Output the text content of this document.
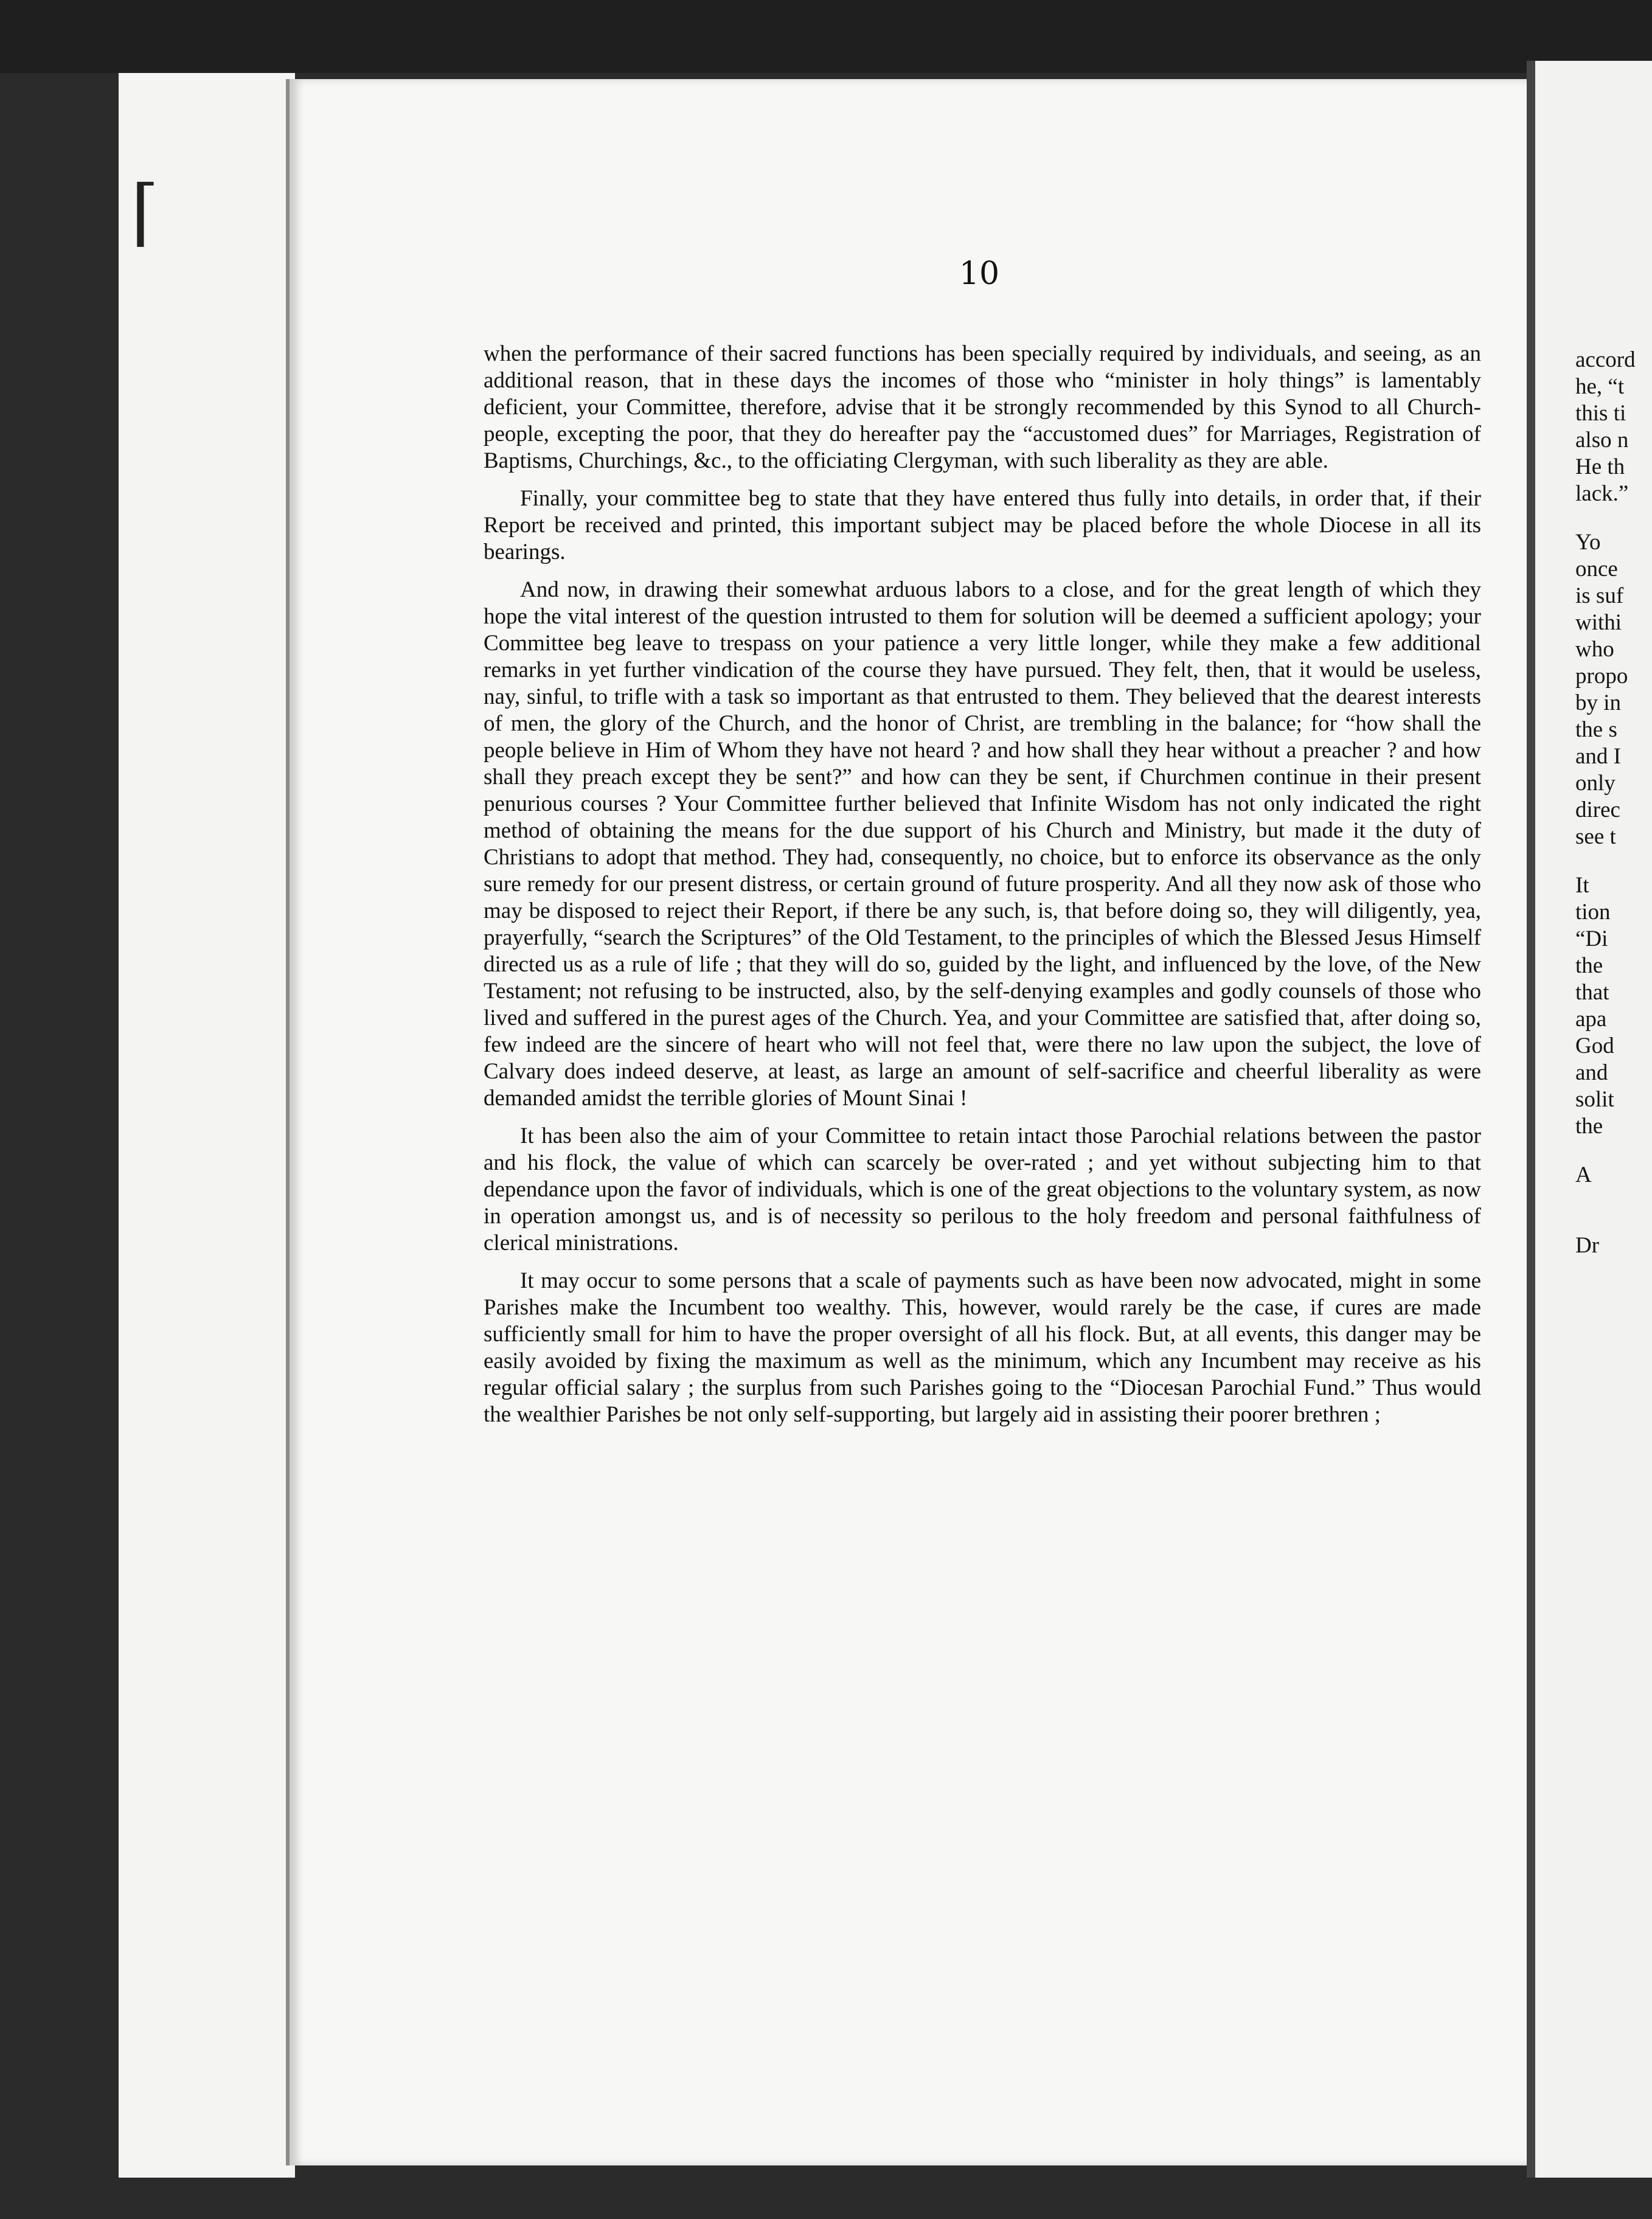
⌈
10

when the performance of their sacred functions has been specially required by individuals, and seeing, as an additional reason, that in these days the incomes of those who “minister in holy things” is lamentably deficient, your Committee, therefore, advise that it be strongly recommended by this Synod to all Church-people, excepting the poor, that they do hereafter pay the “accustomed dues” for Marriages, Registration of Baptisms, Churchings, &c., to the officiating Clergyman, with such liberality as they are able.

Finally, your committee beg to state that they have entered thus fully into details, in order that, if their Report be received and printed, this important subject may be placed before the whole Diocese in all its bearings.

And now, in drawing their somewhat arduous labors to a close, and for the great length of which they hope the vital interest of the question intrusted to them for solution will be deemed a sufficient apology; your Committee beg leave to trespass on your patience a very little longer, while they make a few additional remarks in yet further vindication of the course they have pursued. They felt, then, that it would be useless, nay, sinful, to trifle with a task so important as that entrusted to them. They believed that the dearest interests of men, the glory of the Church, and the honor of Christ, are trembling in the balance; for “how shall the people believe in Him of Whom they have not heard ? and how shall they hear without a preacher ? and how shall they preach except they be sent?” and how can they be sent, if Churchmen continue in their present penurious courses ? Your Committee further believed that Infinite Wisdom has not only indicated the right method of obtaining the means for the due support of his Church and Ministry, but made it the duty of Christians to adopt that method. They had, consequently, no choice, but to enforce its observance as the only sure remedy for our present distress, or certain ground of future prosperity. And all they now ask of those who may be disposed to reject their Report, if there be any such, is, that before doing so, they will diligently, yea, prayerfully, “search the Scriptures” of the Old Testament, to the principles of which the Blessed Jesus Himself directed us as a rule of life ; that they will do so, guided by the light, and influenced by the love, of the New Testament; not refusing to be instructed, also, by the self-denying examples and godly counsels of those who lived and suffered in the purest ages of the Church. Yea, and your Committee are satisfied that, after doing so, few indeed are the sincere of heart who will not feel that, were there no law upon the subject, the love of Calvary does indeed deserve, at least, as large an amount of self-sacrifice and cheerful liberality as were demanded amidst the terrible glories of Mount Sinai !

It has been also the aim of your Committee to retain intact those Parochial relations between the pastor and his flock, the value of which can scarcely be over-rated ; and yet without subjecting him to that dependance upon the favor of individuals, which is one of the great objections to the voluntary system, as now in operation amongst us, and is of necessity so perilous to the holy freedom and personal faithfulness of clerical ministrations.

It may occur to some persons that a scale of payments such as have been now advocated, might in some Parishes make the Incumbent too wealthy. This, however, would rarely be the case, if cures are made sufficiently small for him to have the proper oversight of all his flock. But, at all events, this danger may be easily avoided by fixing the maximum as well as the minimum, which any Incumbent may receive as his regular official salary ; the surplus from such Parishes going to the “Diocesan Parochial Fund.” Thus would the wealthier Parishes be not only self-supporting, but largely aid in assisting their poorer brethren ;

accord
he, “t
this ti
also n
He th
lack.”
Yo
once
is suf
withi
who
propo
by in
the s
and I
only
direc
see t
It
tion
“Di
the
that
apa
God
and
solit
the
A
Dr
